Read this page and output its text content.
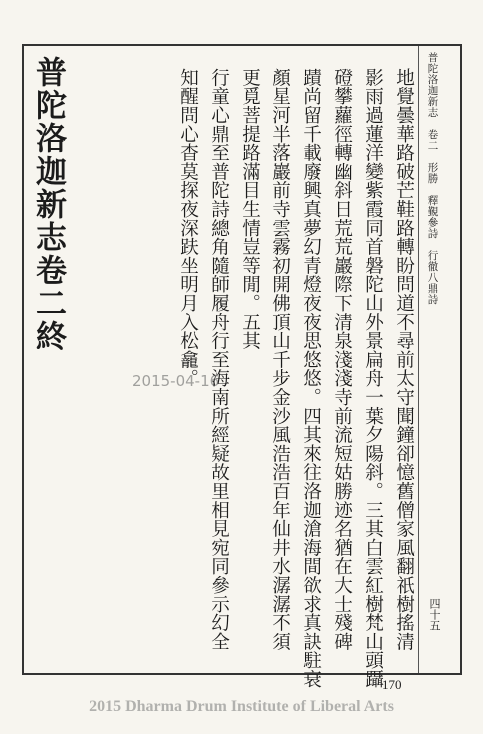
普陀洛迦新志　卷二　形勝　釋覲參詩　行徹八鼎詩
四十五
地覺曇華路破芒鞋路轉盼問道不尋前太守聞鐘卻憶舊僧家風翻祇樹搖清
影雨過蓮洋變紫霞同首磐陀山外景扁舟一葉夕陽斜。三其白雲紅樹梵山頭躡
磴攀蘿徑轉幽斜日荒荒巖際下清泉淺淺寺前流短姑勝迹名猶在大士殘碑
蹟尚留千載廢興真夢幻青燈夜夜思悠悠。四其來往洛迦滄海間欲求真訣駐衰
顏星河半落巖前寺雲霧初開佛頂山千步金沙風浩浩百年仙井水潺潺不須
更覓菩提路滿目生情豈等閒。五其
行童心鼎至普陀詩總角隨師履舟行至海南所經疑故里相見宛同參示幻全
知醒問心杳莫探夜深趺坐明月入松龕。
普陀洛迦新志卷二終
2015-04-16
170
2015 Dharma Drum Institute of Liberal Arts
